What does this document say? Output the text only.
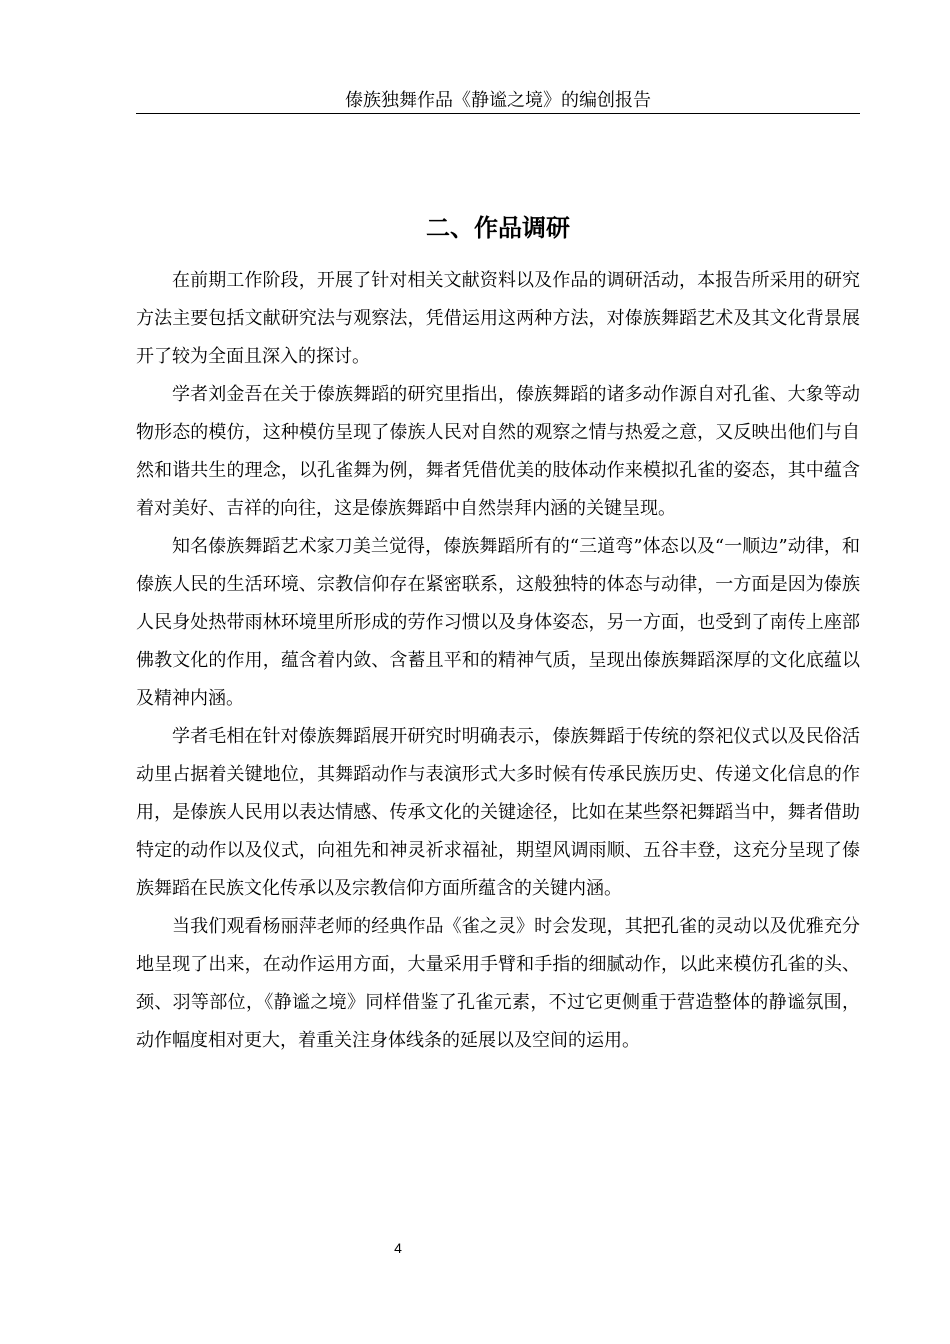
傣族独舞作品《静谧之境》的编创报告
二、作品调研

在前期工作阶段，开展了针对相关文献资料以及作品的调研活动，本报告所采用的研究方法主要包括文献研究法与观察法，凭借运用这两种方法，对傣族舞蹈艺术及其文化背景展开了较为全面且深入的探讨。

学者刘金吾在关于傣族舞蹈的研究里指出，傣族舞蹈的诸多动作源自对孔雀、大象等动物形态的模仿，这种模仿呈现了傣族人民对自然的观察之情与热爱之意，又反映出他们与自然和谐共生的理念，以孔雀舞为例，舞者凭借优美的肢体动作来模拟孔雀的姿态，其中蕴含着对美好、吉祥的向往，这是傣族舞蹈中自然崇拜内涵的关键呈现。

知名傣族舞蹈艺术家刀美兰觉得，傣族舞蹈所有的“三道弯”体态以及“一顺边”动律，和傣族人民的生活环境、宗教信仰存在紧密联系，这般独特的体态与动律，一方面是因为傣族人民身处热带雨林环境里所形成的劳作习惯以及身体姿态，另一方面，也受到了南传上座部佛教文化的作用，蕴含着内敛、含蓄且平和的精神气质，呈现出傣族舞蹈深厚的文化底蕴以及精神内涵。

学者毛相在针对傣族舞蹈展开研究时明确表示，傣族舞蹈于传统的祭祀仪式以及民俗活动里占据着关键地位，其舞蹈动作与表演形式大多时候有传承民族历史、传递文化信息的作用，是傣族人民用以表达情感、传承文化的关键途径，比如在某些祭祀舞蹈当中，舞者借助特定的动作以及仪式，向祖先和神灵祈求福祉，期望风调雨顺、五谷丰登，这充分呈现了傣族舞蹈在民族文化传承以及宗教信仰方面所蕴含的关键内涵。

当我们观看杨丽萍老师的经典作品《雀之灵》时会发现，其把孔雀的灵动以及优雅充分地呈现了出来，在动作运用方面，大量采用手臂和手指的细腻动作，以此来模仿孔雀的头、颈、羽等部位，《静谧之境》同样借鉴了孔雀元素，不过它更侧重于营造整体的静谧氛围，动作幅度相对更大，着重关注身体线条的延展以及空间的运用。

4
